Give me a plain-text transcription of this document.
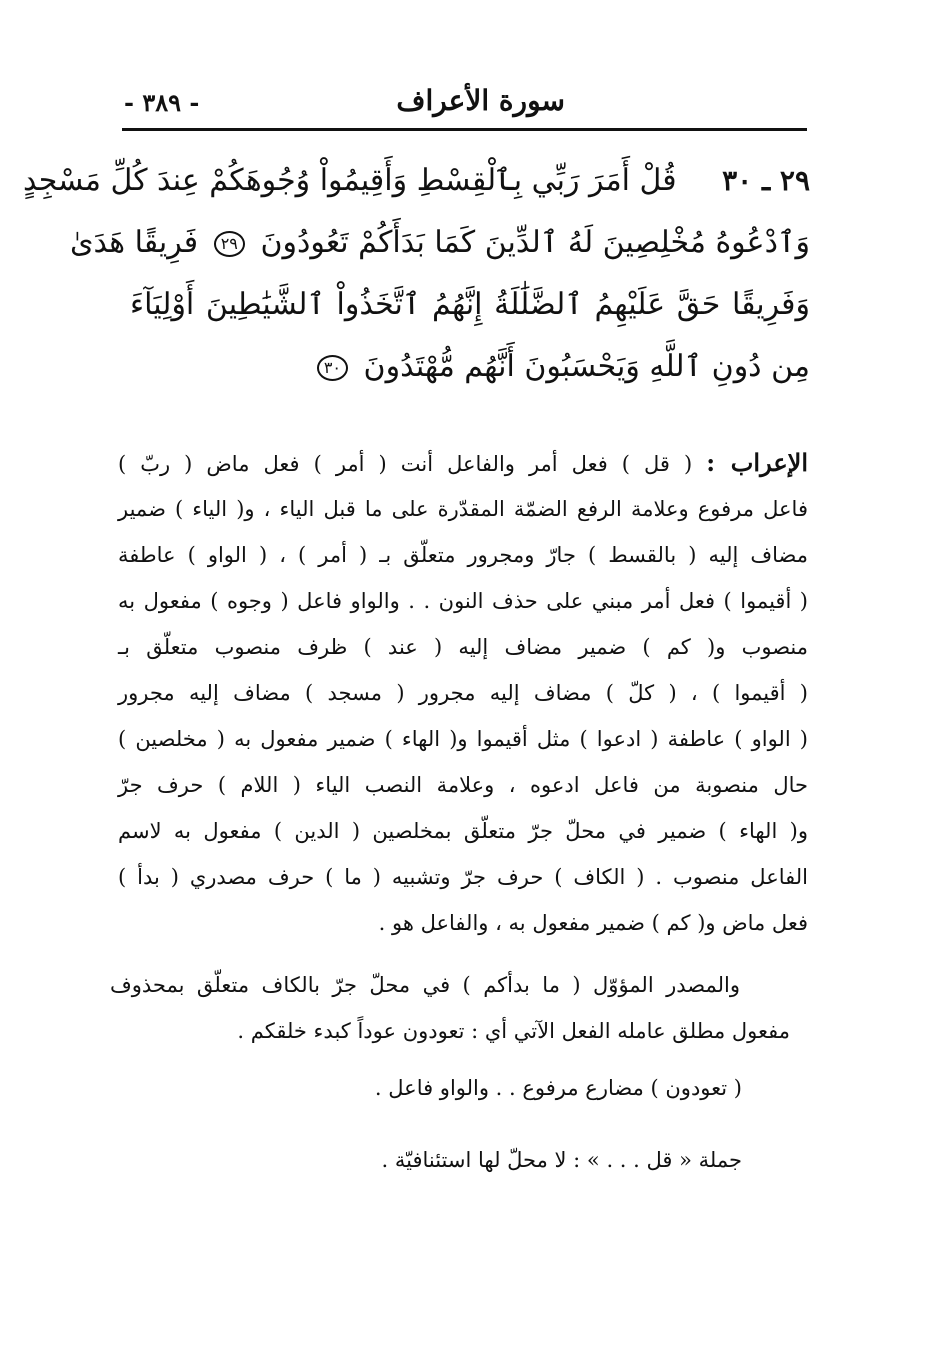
سورة الأعراف
- ٣٨٩ -
٢٩ ـ ٣٠ قُلْ أَمَرَ رَبِّي بِٱلْقِسْطِ وَأَقِيمُواْ وُجُوهَكُمْ عِندَ كُلِّ مَسْجِدٍ
وَٱدْعُوهُ مُخْلِصِينَ لَهُ ٱلدِّينَ كَمَا بَدَأَكُمْ تَعُودُونَ ٢٩ فَرِيقًا هَدَىٰ
وَفَرِيقًا حَقَّ عَلَيْهِمُ ٱلضَّلَٰلَةُ إِنَّهُمُ ٱتَّخَذُواْ ٱلشَّيَٰطِينَ أَوْلِيَآءَ
مِن دُونِ ٱللَّهِ وَيَحْسَبُونَ أَنَّهُم مُّهْتَدُونَ ٣٠
الإعراب : ( قل ) فعل أمر والفاعل أنت ( أمر ) فعل ماض ( ربّ )
فاعل مرفوع وعلامة الرفع الضمّة المقدّرة على ما قبل الياء ، و( الياء ) ضمير
مضاف إليه ( بالقسط ) جارّ ومجرور متعلّق بـ ( أمر ) ، ( الواو ) عاطفة
( أقيموا ) فعل أمر مبني على حذف النون . . والواو فاعل ( وجوه ) مفعول به
منصوب و( كم ) ضمير مضاف إليه ( عند ) ظرف منصوب متعلّق بـ
( أقيموا ) ، ( كلّ ) مضاف إليه مجرور ( مسجد ) مضاف إليه مجرور
( الواو ) عاطفة ( ادعوا ) مثل أقيموا و( الهاء ) ضمير مفعول به ( مخلصين )
حال منصوبة من فاعل ادعوه ، وعلامة النصب الياء ( اللام ) حرف جرّ
و( الهاء ) ضمير في محلّ جرّ متعلّق بمخلصين ( الدين ) مفعول به لاسم
الفاعل منصوب . ( الكاف ) حرف جرّ وتشبيه ( ما ) حرف مصدري ( بدأ )
فعل ماض و( كم ) ضمير مفعول به ، والفاعل هو .
والمصدر المؤوّل ( ما بدأكم ) في محلّ جرّ بالكاف متعلّق بمحذوف
مفعول مطلق عامله الفعل الآتي أي : تعودون عوداً كبدء خلقكم .
( تعودون ) مضارع مرفوع . . والواو فاعل .
جملة « قل . . . » : لا محلّ لها استئنافيّة .
